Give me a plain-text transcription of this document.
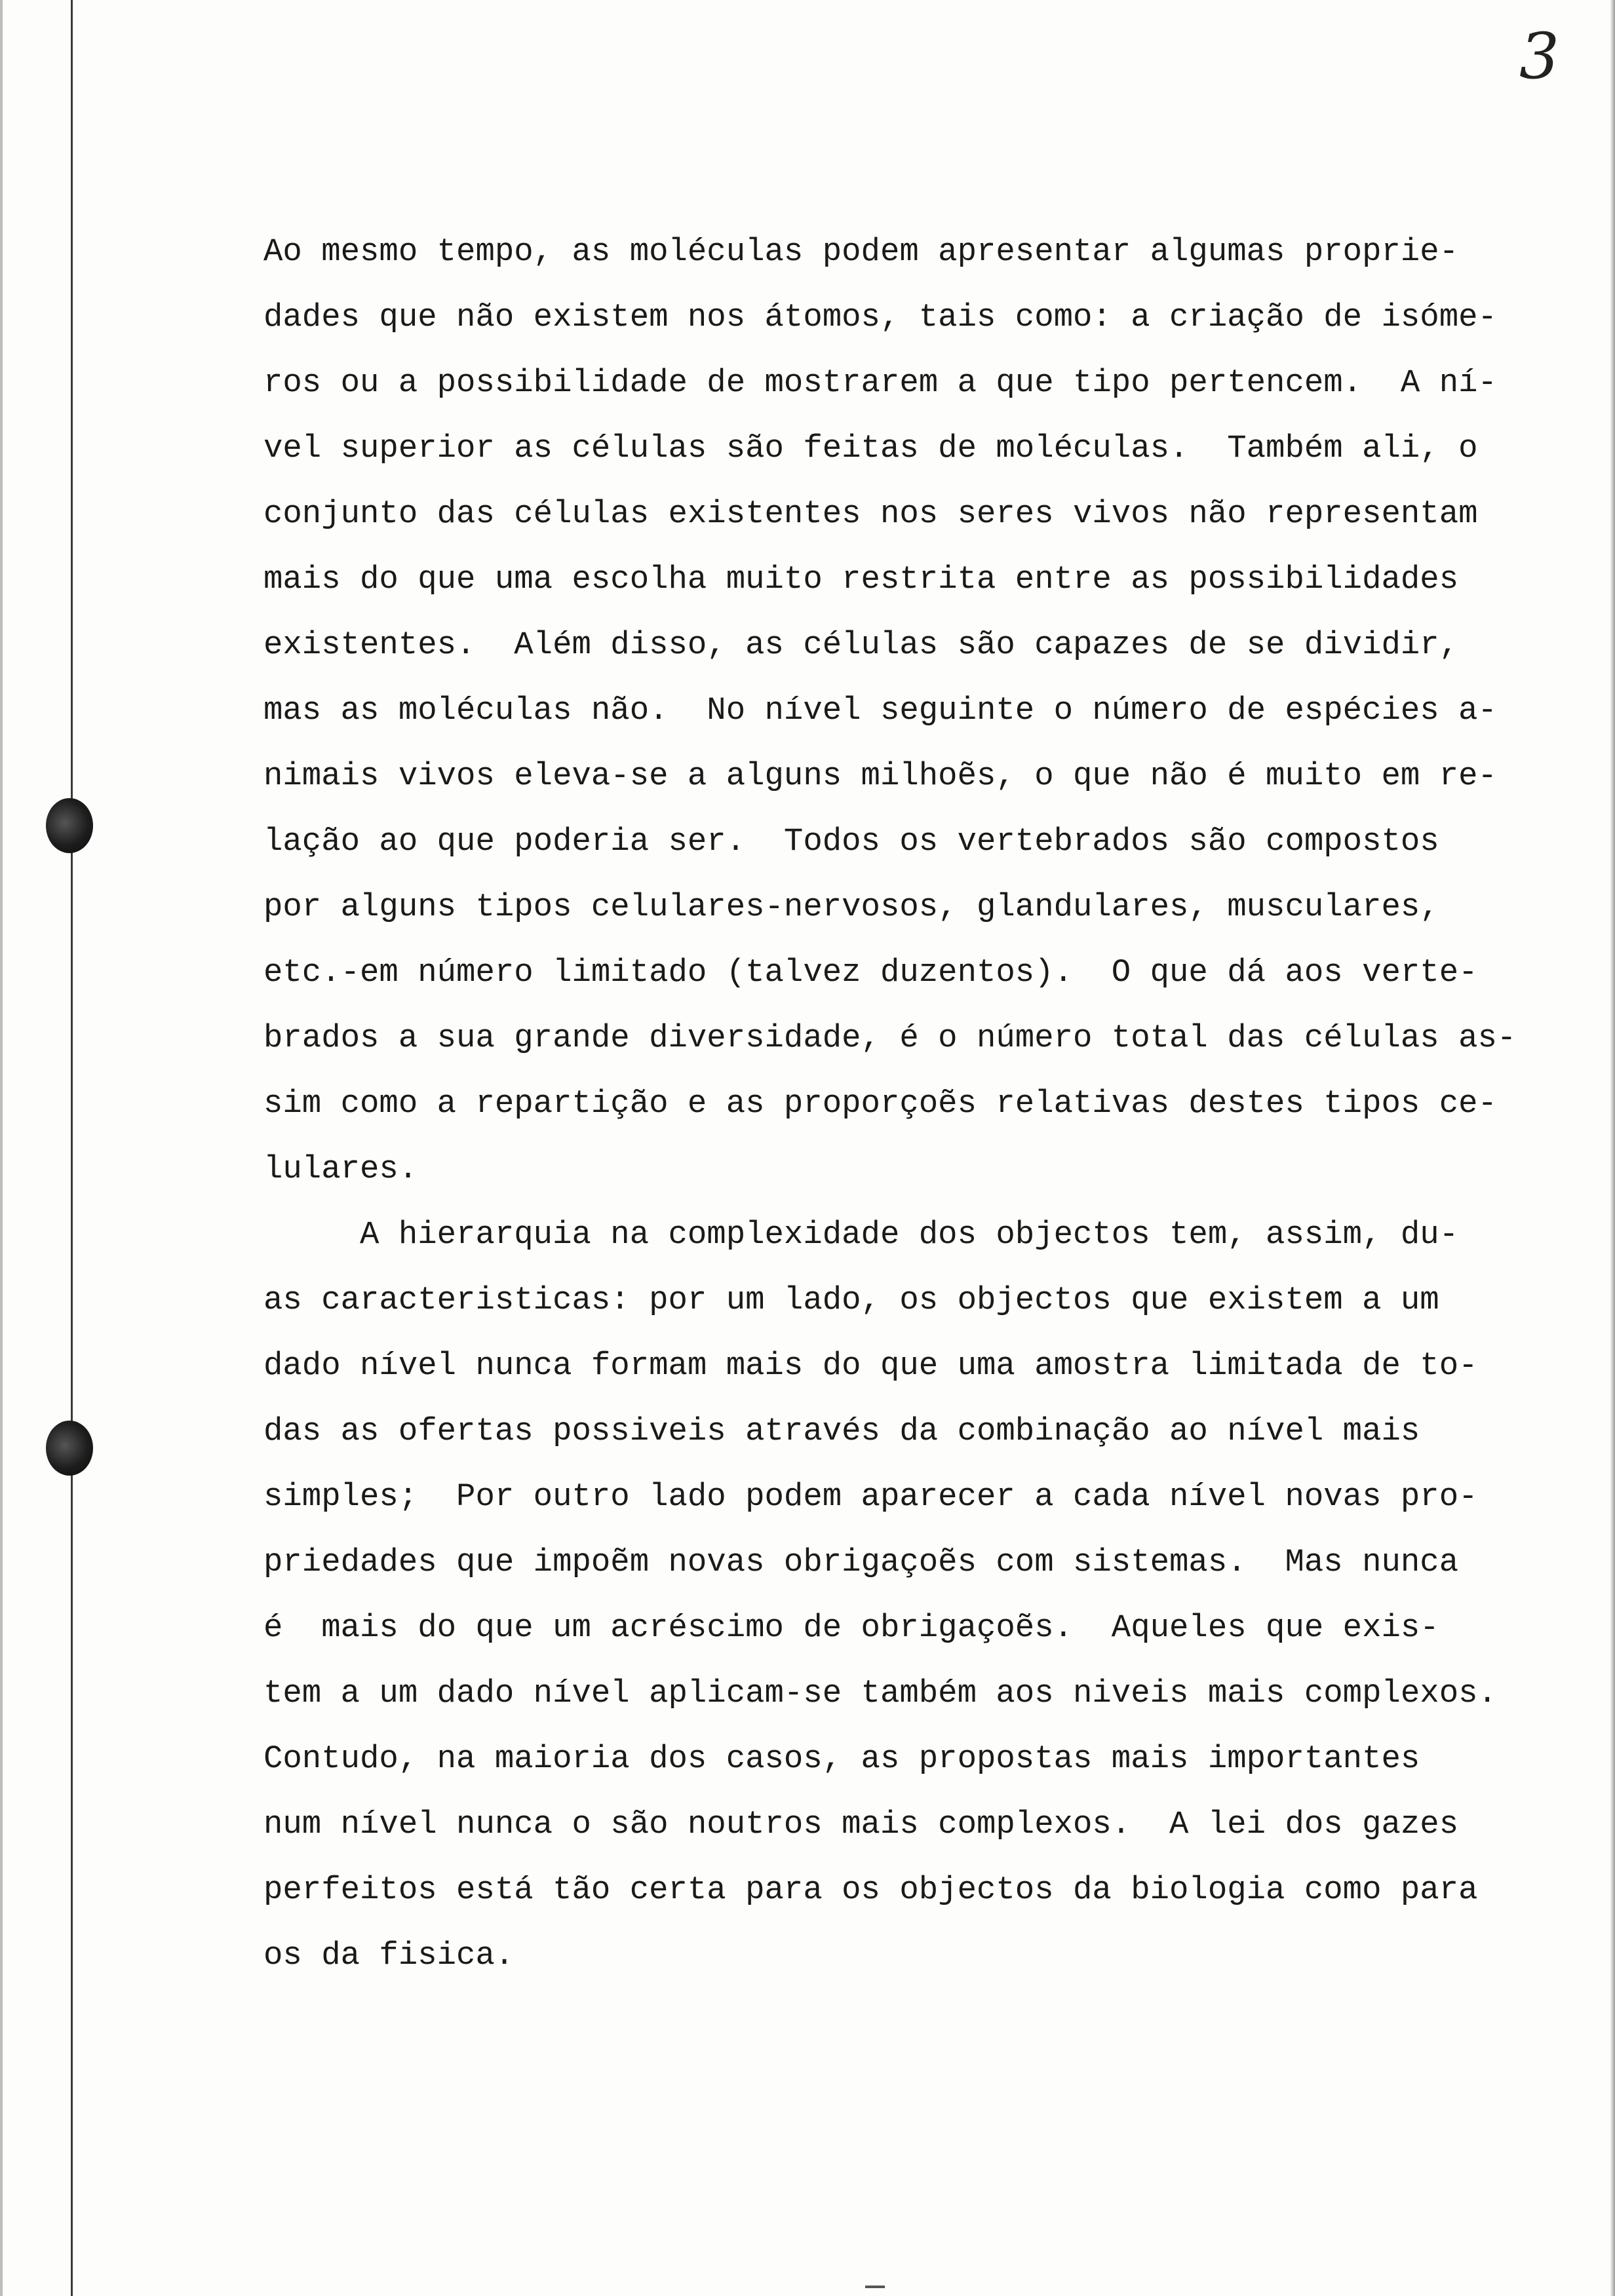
3
Ao mesmo tempo, as moléculas podem apresentar algumas proprie-
dades que não existem nos átomos, tais como: a criação de isóme-
ros ou a possibilidade de mostrarem a que tipo pertencem.  A ní-
vel superior as células são feitas de moléculas.  Também ali, o
conjunto das células existentes nos seres vivos não representam
mais do que uma escolha muito restrita entre as possibilidades
existentes.  Além disso, as células são capazes de se dividir,
mas as moléculas não.  No nível seguinte o número de espécies a-
nimais vivos eleva-se a alguns milhoẽs, o que não é muito em re-
lação ao que poderia ser.  Todos os vertebrados são compostos
por alguns tipos celulares-nervosos, glandulares, musculares,
etc.-em número limitado (talvez duzentos).  O que dá aos verte-
brados a sua grande diversidade, é o número total das células as-
sim como a repartição e as proporçoẽs relativas destes tipos ce-
lulares.
A hierarquia na complexidade dos objectos tem, assim, du-
as caracteristicas: por um lado, os objectos que existem a um
dado nível nunca formam mais do que uma amostra limitada de to-
das as ofertas possiveis através da combinação ao nível mais
simples;  Por outro lado podem aparecer a cada nível novas pro-
priedades que impoẽm novas obrigaçoẽs com sistemas.  Mas nunca
é  mais do que um acréscimo de obrigaçoẽs.  Aqueles que exis-
tem a um dado nível aplicam-se também aos niveis mais complexos.
Contudo, na maioria dos casos, as propostas mais importantes
num nível nunca o são noutros mais complexos.  A lei dos gazes
perfeitos está tão certa para os objectos da biologia como para
os da fisica.
